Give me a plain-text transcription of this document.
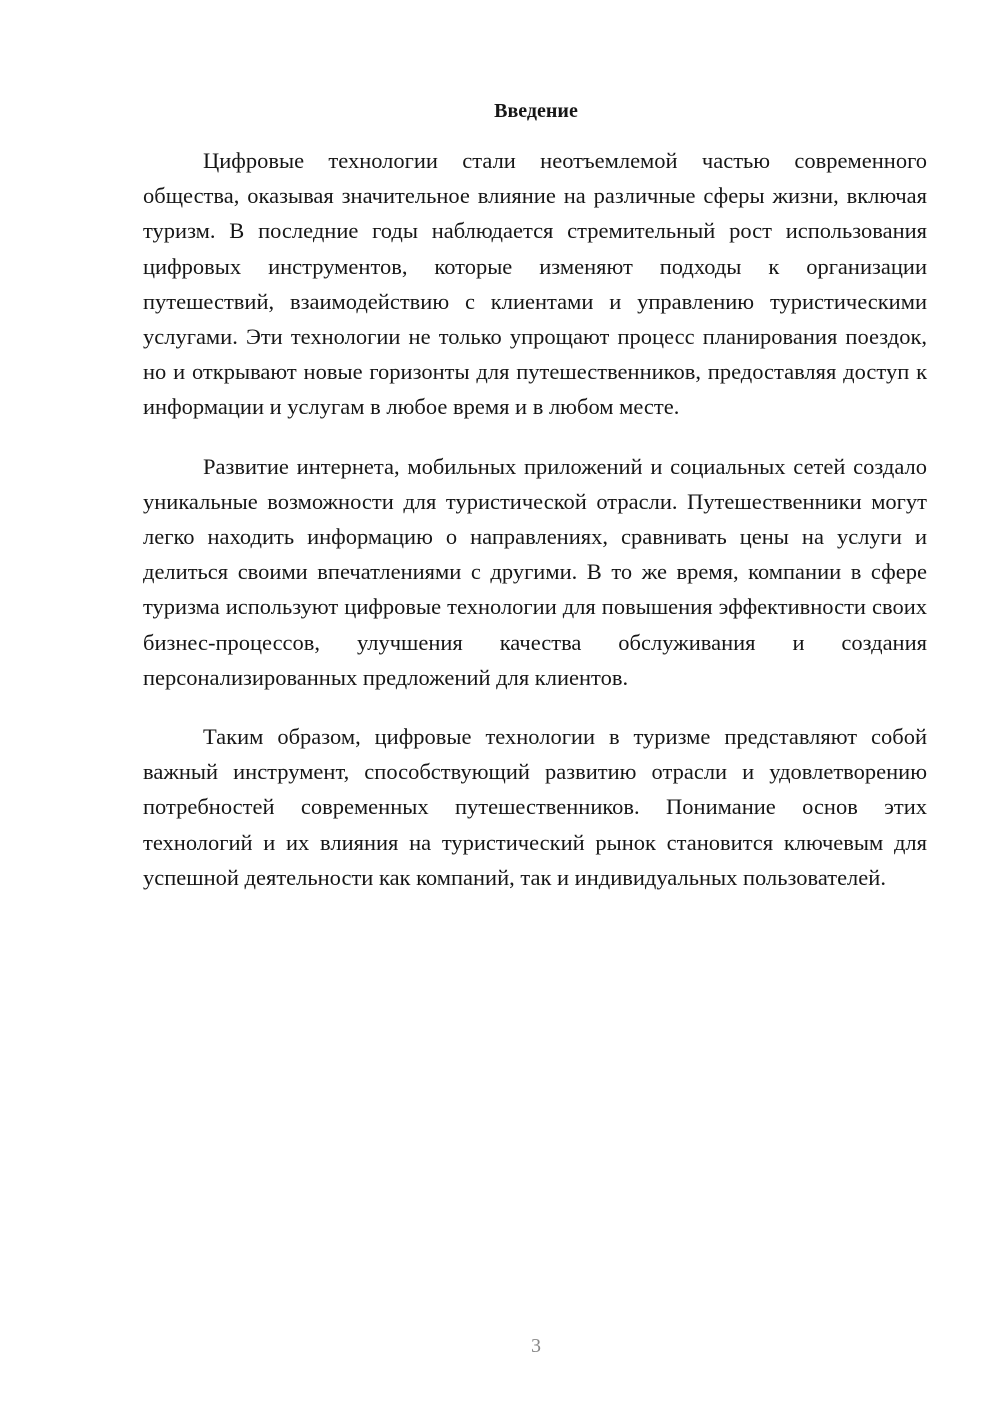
Введение

Цифровые технологии стали неотъемлемой частью современного общества, оказывая значительное влияние на различные сферы жизни, включая туризм. В последние годы наблюдается стремительный рост использования цифровых инструментов, которые изменяют подходы к организации путешествий, взаимодействию с клиентами и управлению туристическими услугами. Эти технологии не только упрощают процесс планирования поездок, но и открывают новые горизонты для путешественников, предоставляя доступ к информации и услугам в любое время и в любом месте.

Развитие интернета, мобильных приложений и социальных сетей создало уникальные возможности для туристической отрасли. Путешественники могут легко находить информацию о направлениях, сравнивать цены на услуги и делиться своими впечатлениями с другими. В то же время, компании в сфере туризма используют цифровые технологии для повышения эффективности своих бизнес-процессов, улучшения качества обслуживания и создания персонализированных предложений для клиентов.

Таким образом, цифровые технологии в туризме представляют собой важный инструмент, способствующий развитию отрасли и удовлетворению потребностей современных путешественников. Понимание основ этих технологий и их влияния на туристический рынок становится ключевым для успешной деятельности как компаний, так и индивидуальных пользователей.

3
